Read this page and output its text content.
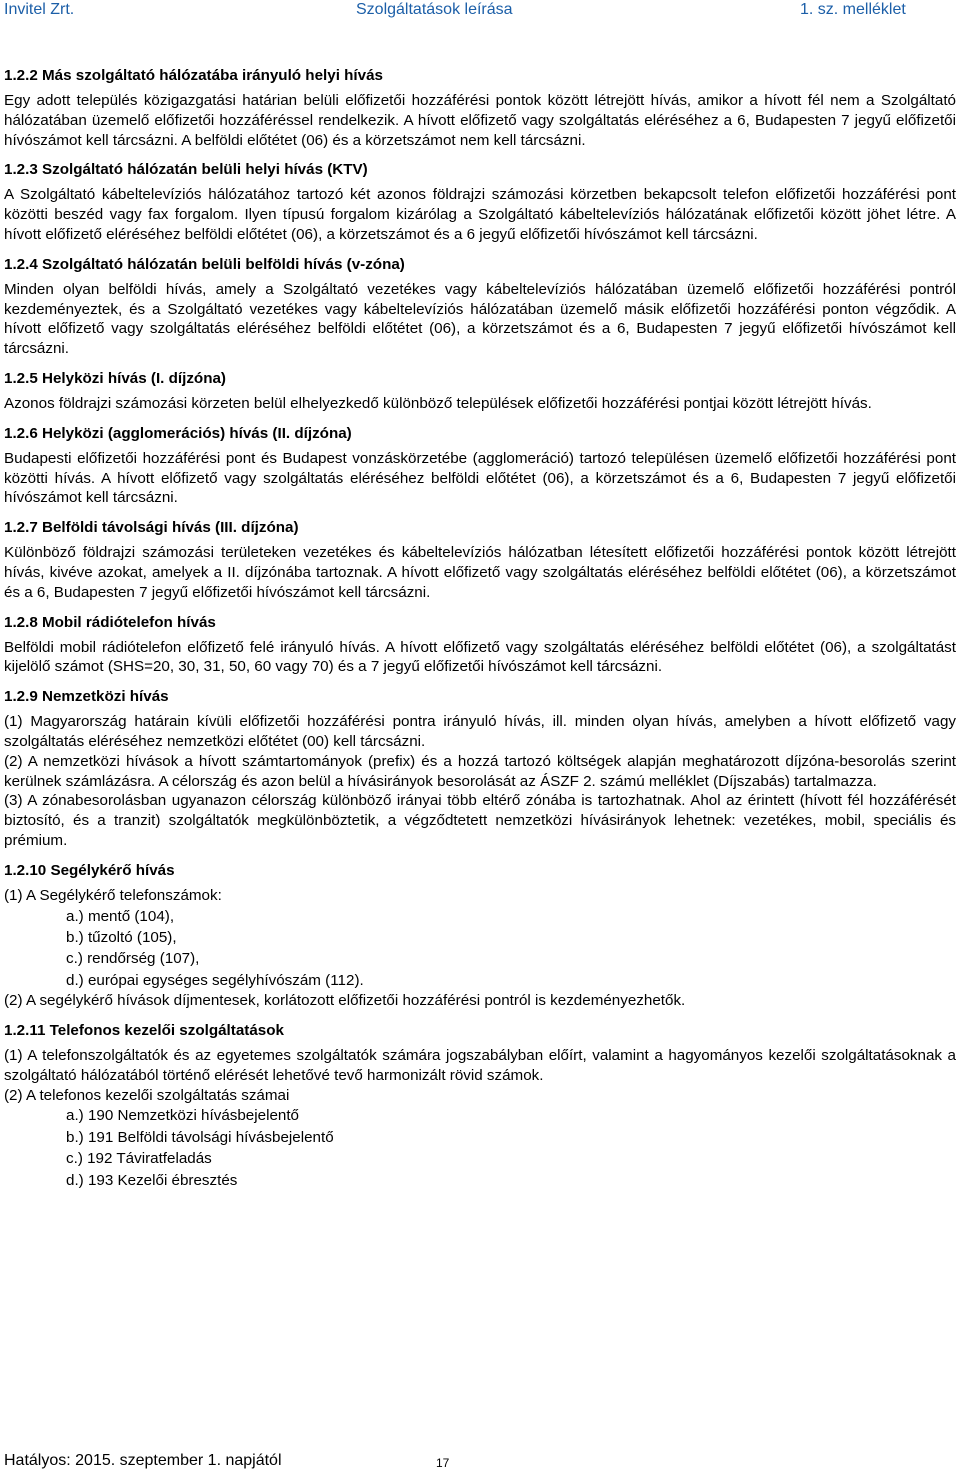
Invitel Zrt.	Szolgáltatások leírása	1. sz. melléklet
1.2.2 Más szolgáltató hálózatába irányuló helyi hívás

Egy adott település közigazgatási határian belüli előfizetői hozzáférési pontok között létrejött hívás, amikor a hívott fél nem a Szolgáltató hálózatában üzemelő előfizetői hozzáféréssel rendelkezik. A hívott előfizető vagy szolgáltatás eléréséhez a 6, Budapesten 7 jegyű előfizetői hívószámot kell tárcsázni. A belföldi előtétet (06) és a körzetszámot nem kell tárcsázni.

1.2.3 Szolgáltató hálózatán belüli helyi hívás (KTV)

A Szolgáltató kábeltelevíziós hálózatához tartozó két azonos földrajzi számozási körzetben bekapcsolt telefon előfizetői hozzáférési pont közötti beszéd vagy fax forgalom. Ilyen típusú forgalom kizárólag a Szolgáltató kábeltelevíziós hálózatának előfizetői között jöhet létre. A hívott előfizető eléréséhez belföldi előtétet (06), a körzetszámot és a 6 jegyű előfizetői hívószámot kell tárcsázni.

1.2.4 Szolgáltató hálózatán belüli belföldi hívás (v-zóna)

Minden olyan belföldi hívás, amely a Szolgáltató vezetékes vagy kábeltelevíziós hálózatában üzemelő előfizetői hozzáférési pontról kezdeményeztek, és a Szolgáltató vezetékes vagy kábeltelevíziós hálózatában üzemelő másik előfizetői hozzáférési ponton végződik. A hívott előfizető vagy szolgáltatás eléréséhez belföldi előtétet (06), a körzetszámot és a 6, Budapesten 7 jegyű előfizetői hívószámot kell tárcsázni.

1.2.5 Helyközi hívás (I. díjzóna)

Azonos földrajzi számozási körzeten belül elhelyezkedő különböző települések előfizetői hozzáférési pontjai között létrejött hívás.

1.2.6 Helyközi (agglomerációs) hívás (II. díjzóna)

Budapesti előfizetői hozzáférési pont és Budapest vonzáskörzetébe (agglomeráció) tartozó településen üzemelő előfizetői hozzáférési pont közötti hívás. A hívott előfizető vagy szolgáltatás eléréséhez belföldi előtétet (06), a körzetszámot és a 6, Budapesten 7 jegyű előfizetői hívószámot kell tárcsázni.

1.2.7 Belföldi távolsági hívás (III. díjzóna)

Különböző földrajzi számozási területeken vezetékes és kábeltelevíziós hálózatban létesített előfizetői hozzáférési pontok között létrejött hívás, kivéve azokat, amelyek a II. díjzónába tartoznak. A hívott előfizető vagy szolgáltatás eléréséhez belföldi előtétet (06), a körzetszámot és a 6, Budapesten 7 jegyű előfizetői hívószámot kell tárcsázni.

1.2.8 Mobil rádiótelefon hívás

Belföldi mobil rádiótelefon előfizető felé irányuló hívás. A hívott előfizető vagy szolgáltatás eléréséhez belföldi előtétet (06), a szolgáltatást kijelölő számot (SHS=20, 30, 31, 50, 60 vagy 70) és a 7 jegyű előfizetői hívószámot kell tárcsázni.

1.2.9 Nemzetközi hívás
(1) Magyarország határain kívüli előfizetői hozzáférési pontra irányuló hívás, ill. minden olyan hívás, amelyben a hívott előfizető vagy szolgáltatás eléréséhez nemzetközi előtétet (00) kell tárcsázni.
(2) A nemzetközi hívások a hívott számtartományok (prefix) és a hozzá tartozó költségek alapján meghatározott díjzóna-besorolás szerint kerülnek számlázásra. A célország és azon belül a hívásirányok besorolását az ÁSZF 2. számú melléklet (Díjszabás) tartalmazza.
(3) A zónabesorolásban ugyanazon célország különböző irányai több eltérő zónába is tartozhatnak. Ahol az érintett (hívott fél hozzáférését biztosító, és a tranzit) szolgáltatók megkülönböztetik, a végződtetett nemzetközi hívásirányok lehetnek: vezetékes, mobil, speciális és prémium.
1.2.10 Segélykérő hívás
(1) A Segélykérő telefonszámok:
a.) mentő (104),
b.) tűzoltó (105),
c.) rendőrség (107),
d.) európai egységes segélyhívószám (112).
(2) A segélykérő hívások díjmentesek, korlátozott előfizetői hozzáférési pontról is kezdeményezhetők.
1.2.11 Telefonos kezelői szolgáltatások
(1) A telefonszolgáltatók és az egyetemes szolgáltatók számára jogszabályban előírt, valamint a hagyományos kezelői szolgáltatásoknak a szolgáltató hálózatából történő elérését lehetővé tevő harmonizált rövid számok.
(2) A telefonos kezelői szolgáltatás számai
a.) 190 Nemzetközi hívásbejelentő
b.) 191 Belföldi távolsági hívásbejelentő
c.) 192 Táviratfeladás
d.) 193 Kezelői ébresztés
Hatályos: 2015. szeptember 1. napjától	17
